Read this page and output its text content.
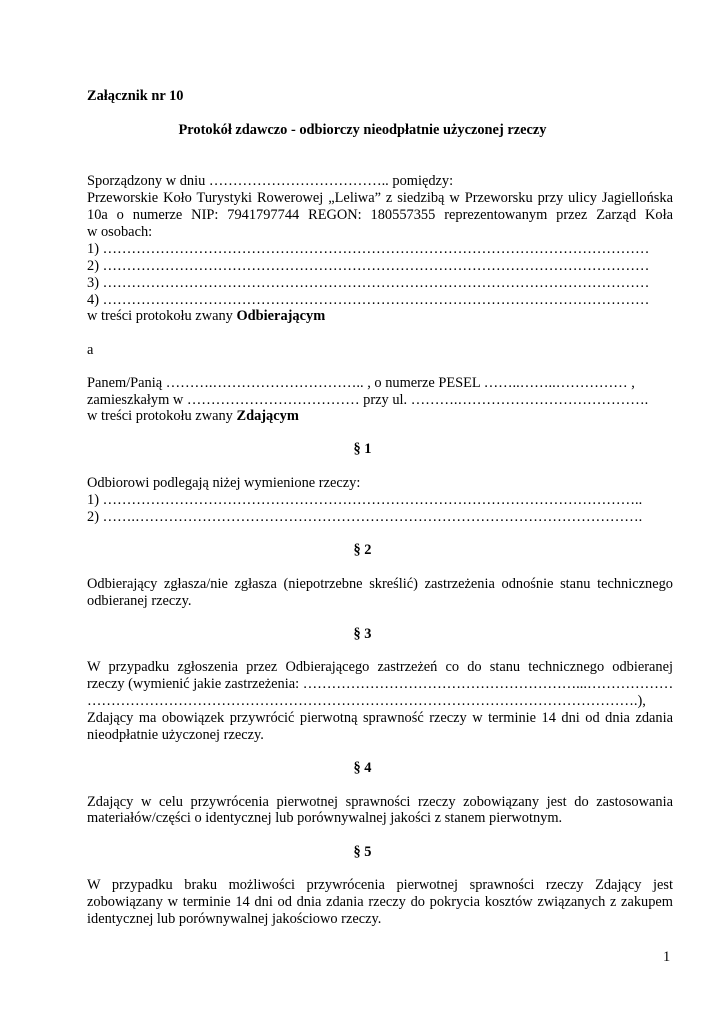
Załącznik nr 10
Protokół zdawczo - odbiorczy nieodpłatnie użyczonej rzeczy
Sporządzony w dniu ……………………………….. pomiędzy:
Przeworskie Koło Turystyki Rowerowej „Leliwa” z siedzibą w Przeworsku przy ulicy Jagiellońska
10a o numerze NIP: 7941797744 REGON: 180557355 reprezentowanym przez Zarząd Koła
w osobach:
1) ……………………………………………………………………………………………………
2) ……………………………………………………………………………………………………
3) ……………………………………………………………………………………………………
4) ……………………………………………………………………………………………………
w treści protokołu zwany Odbierającym
a
Panem/Panią ……….………………………….. , o numerze PESEL ……..……..…………… ,
zamieszkałym w ……………………………… przy ul. ……….………………………………….
w treści protokołu zwany Zdającym
§ 1
Odbiorowi podlegają niżej wymienione rzeczy:
1) …………………………………………………………………………………………………..
2) …….…………………………………………………………………………………………….
§ 2
Odbierający zgłasza/nie zgłasza (niepotrzebne skreślić) zastrzeżenia odnośnie stanu technicznego
odbieranej rzeczy.
§ 3
W przypadku zgłoszenia przez Odbierającego zastrzeżeń co do stanu technicznego odbieranej
rzeczy (wymienić jakie zastrzeżenia: …………………………………………………...………………
…………………………………………………………………………………………………….),
Zdający ma obowiązek przywrócić pierwotną sprawność rzeczy w terminie 14 dni od dnia zdania
nieodpłatnie użyczonej rzeczy.
§ 4
Zdający w celu przywrócenia pierwotnej sprawności rzeczy zobowiązany jest do zastosowania
materiałów/części o identycznej lub porównywalnej jakości z stanem pierwotnym.
§ 5
W przypadku braku możliwości przywrócenia pierwotnej sprawności rzeczy Zdający jest
zobowiązany w terminie 14 dni od dnia zdania rzeczy do pokrycia kosztów związanych z zakupem
identycznej lub porównywalnej jakościowo rzeczy.
1
